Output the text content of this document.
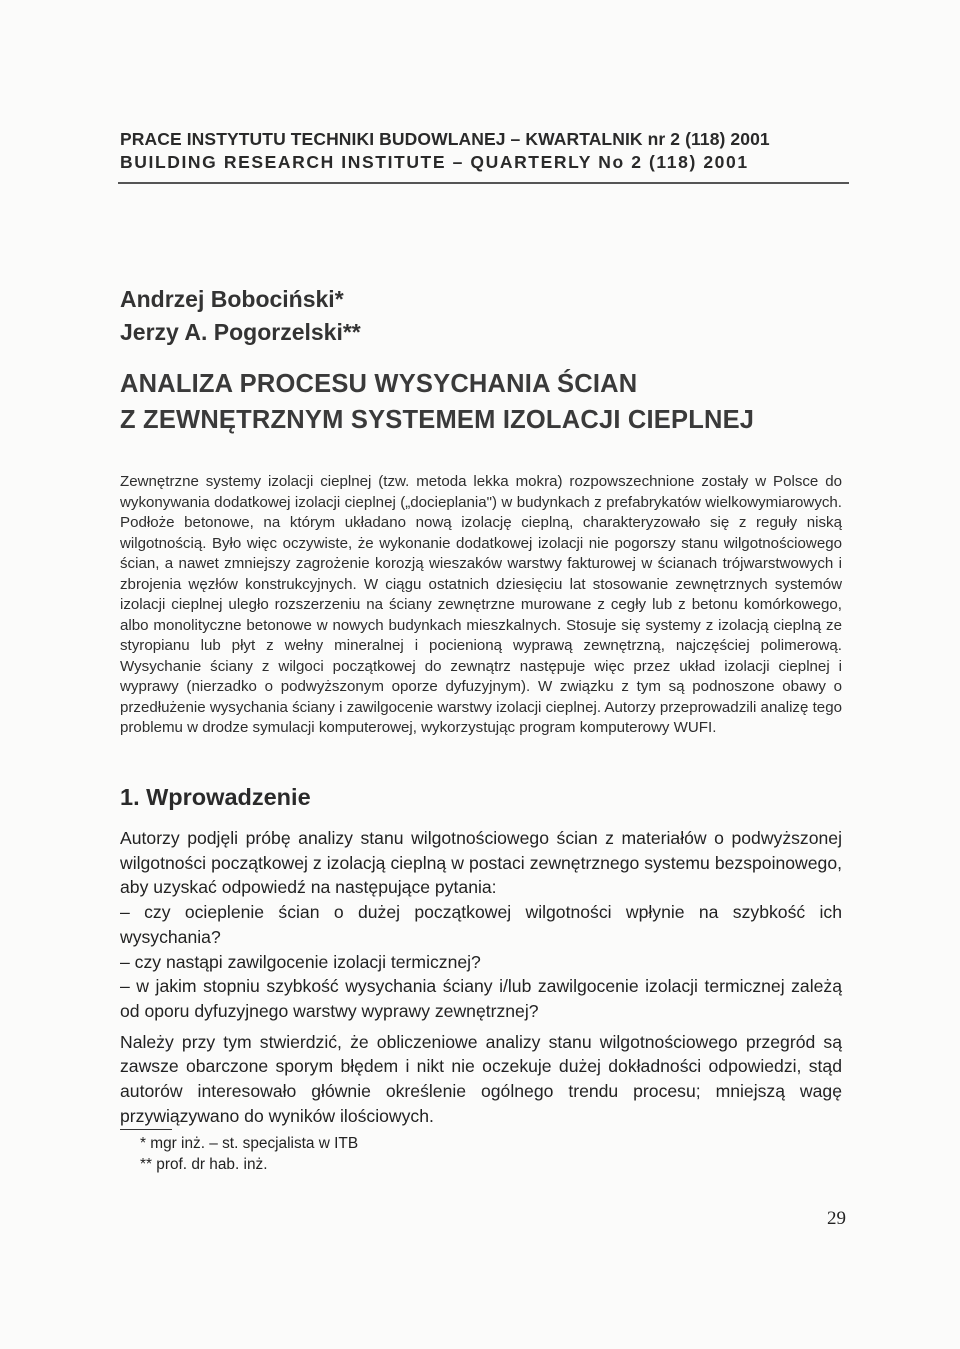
PRACE INSTYTUTU TECHNIKI BUDOWLANEJ – KWARTALNIK nr 2 (118) 2001
BUILDING RESEARCH INSTITUTE – QUARTERLY No 2 (118) 2001
Andrzej Bobociński*
Jerzy A. Pogorzelski**
ANALIZA PROCESU WYSYCHANIA ŚCIAN
Z ZEWNĘTRZNYM SYSTEMEM IZOLACJI CIEPLNEJ
Zewnętrzne systemy izolacji cieplnej (tzw. metoda lekka mokra) rozpowszechnione zostały w Polsce do wykonywania dodatkowej izolacji cieplnej („docieplania") w budynkach z prefabrykatów wielkowymiarowych. Podłoże betonowe, na którym układano nową izolację cieplną, charakteryzowało się z reguły niską wilgotnością. Było więc oczywiste, że wykonanie dodatkowej izolacji nie pogorszy stanu wilgotnościowego ścian, a nawet zmniejszy zagrożenie korozją wieszaków warstwy fakturowej w ścianach trójwarstwowych i zbrojenia węzłów konstrukcyjnych. W ciągu ostatnich dziesięciu lat stosowanie zewnętrznych systemów izolacji cieplnej uległo rozszerzeniu na ściany zewnętrzne murowane z cegły lub z betonu komórkowego, albo monolityczne betonowe w nowych budynkach mieszkalnych. Stosuje się systemy z izolacją cieplną ze styropianu lub płyt z wełny mineralnej i pocienioną wyprawą zewnętrzną, najczęściej polimerową. Wysychanie ściany z wilgoci początkowej do zewnątrz następuje więc przez układ izolacji cieplnej i wyprawy (nierzadko o podwyższonym oporze dyfuzyjnym). W związku z tym są podnoszone obawy o przedłużenie wysychania ściany i zawilgocenie warstwy izolacji cieplnej. Autorzy przeprowadzili analizę tego problemu w drodze symulacji komputerowej, wykorzystując program komputerowy WUFI.
1. Wprowadzenie

Autorzy podjęli próbę analizy stanu wilgotnościowego ścian z materiałów o podwyższonej wilgotności początkowej z izolacją cieplną w postaci zewnętrznego systemu bezspoinowego, aby uzyskać odpowiedź na następujące pytania:

– czy ocieplenie ścian o dużej początkowej wilgotności wpłynie na szybkość ich wysychania?

– czy nastąpi zawilgocenie izolacji termicznej?

– w jakim stopniu szybkość wysychania ściany i/lub zawilgocenie izolacji termicznej zależą od oporu dyfuzyjnego warstwy wyprawy zewnętrznej?

Należy przy tym stwierdzić, że obliczeniowe analizy stanu wilgotnościowego przegród są zawsze obarczone sporym błędem i nikt nie oczekuje dużej dokładności odpowiedzi, stąd autorów interesowało głównie określenie ogólnego trendu procesu; mniejszą wagę przywiązywano do wyników ilościowych.

* mgr inż. – st. specjalista w ITB
** prof. dr hab. inż.
29
